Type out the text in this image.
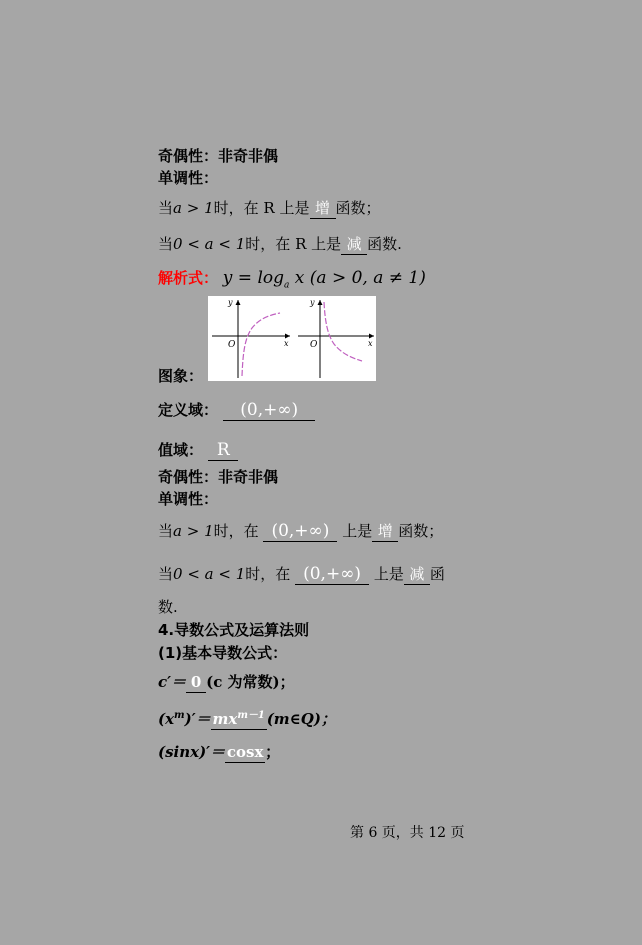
奇偶性：非奇非偶
单调性：
当a > 1时，在 R 上是 增 函数；
当0 < a < 1时，在 R 上是 减 函数.
解析式： $y = \log_a x$ (a > 0, a ≠ 1)
y
x
O
y
x
O
图象：
定义域： (0,+∞)
值域： R
奇偶性：非奇非偶
单调性：
当a > 1时，在 (0,+∞) 上是 增 函数；
当0 < a < 1时，在 (0,+∞) 上是 减 函
数.
4.导数公式及运算法则
(1)基本导数公式：
c′＝ 0 (c 为常数)；
$(x^m)'= mx^{m-1}$ (m∈Q)；
(sinx)′＝ cosx ；
第 6 页，共 12 页
